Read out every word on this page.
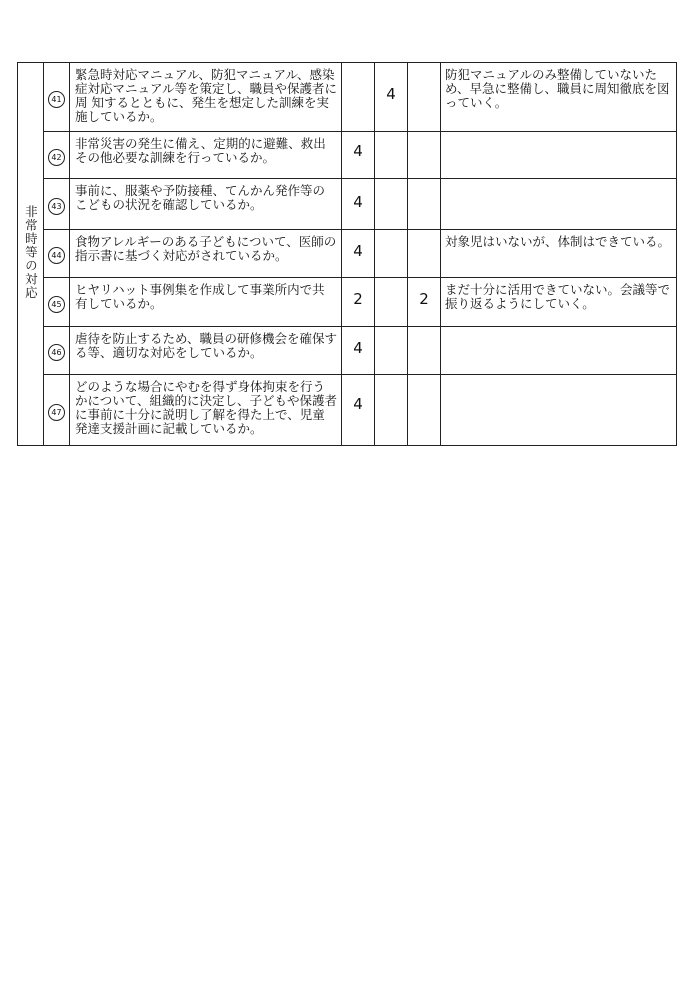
非常時等の対応	41	緊急時対応マニュアル、防犯マニュアル、感染症対応マニュアル等を策定し、職員や保護者に周 知するとともに、発生を想定した訓練を実施しているか。		4		防犯マニュアルのみ整備していないため、早急に整備し、職員に周知徹底を図っていく。
	42	非常災害の発生に備え、定期的に避難、救出その他必要な訓練を行っているか。	4			
	43	事前に、服薬や予防接種、てんかん発作等のこどもの状況を確認しているか。	4			
	44	食物アレルギーのある子どもについて、医師の指示書に基づく対応がされているか。	4			対象児はいないが、体制はできている。
	45	ヒヤリハット事例集を作成して事業所内で共有しているか。	2		2	まだ十分に活用できていない。会議等で振り返るようにしていく。
	46	虐待を防止するため、職員の研修機会を確保する等、適切な対応をしているか。	4			
	47	どのような場合にやむを得ず身体拘束を行うかについて、組織的に決定し、子どもや保護者に事前に十分に説明し了解を得た上で、児童発達支援計画に記載しているか。	4			
